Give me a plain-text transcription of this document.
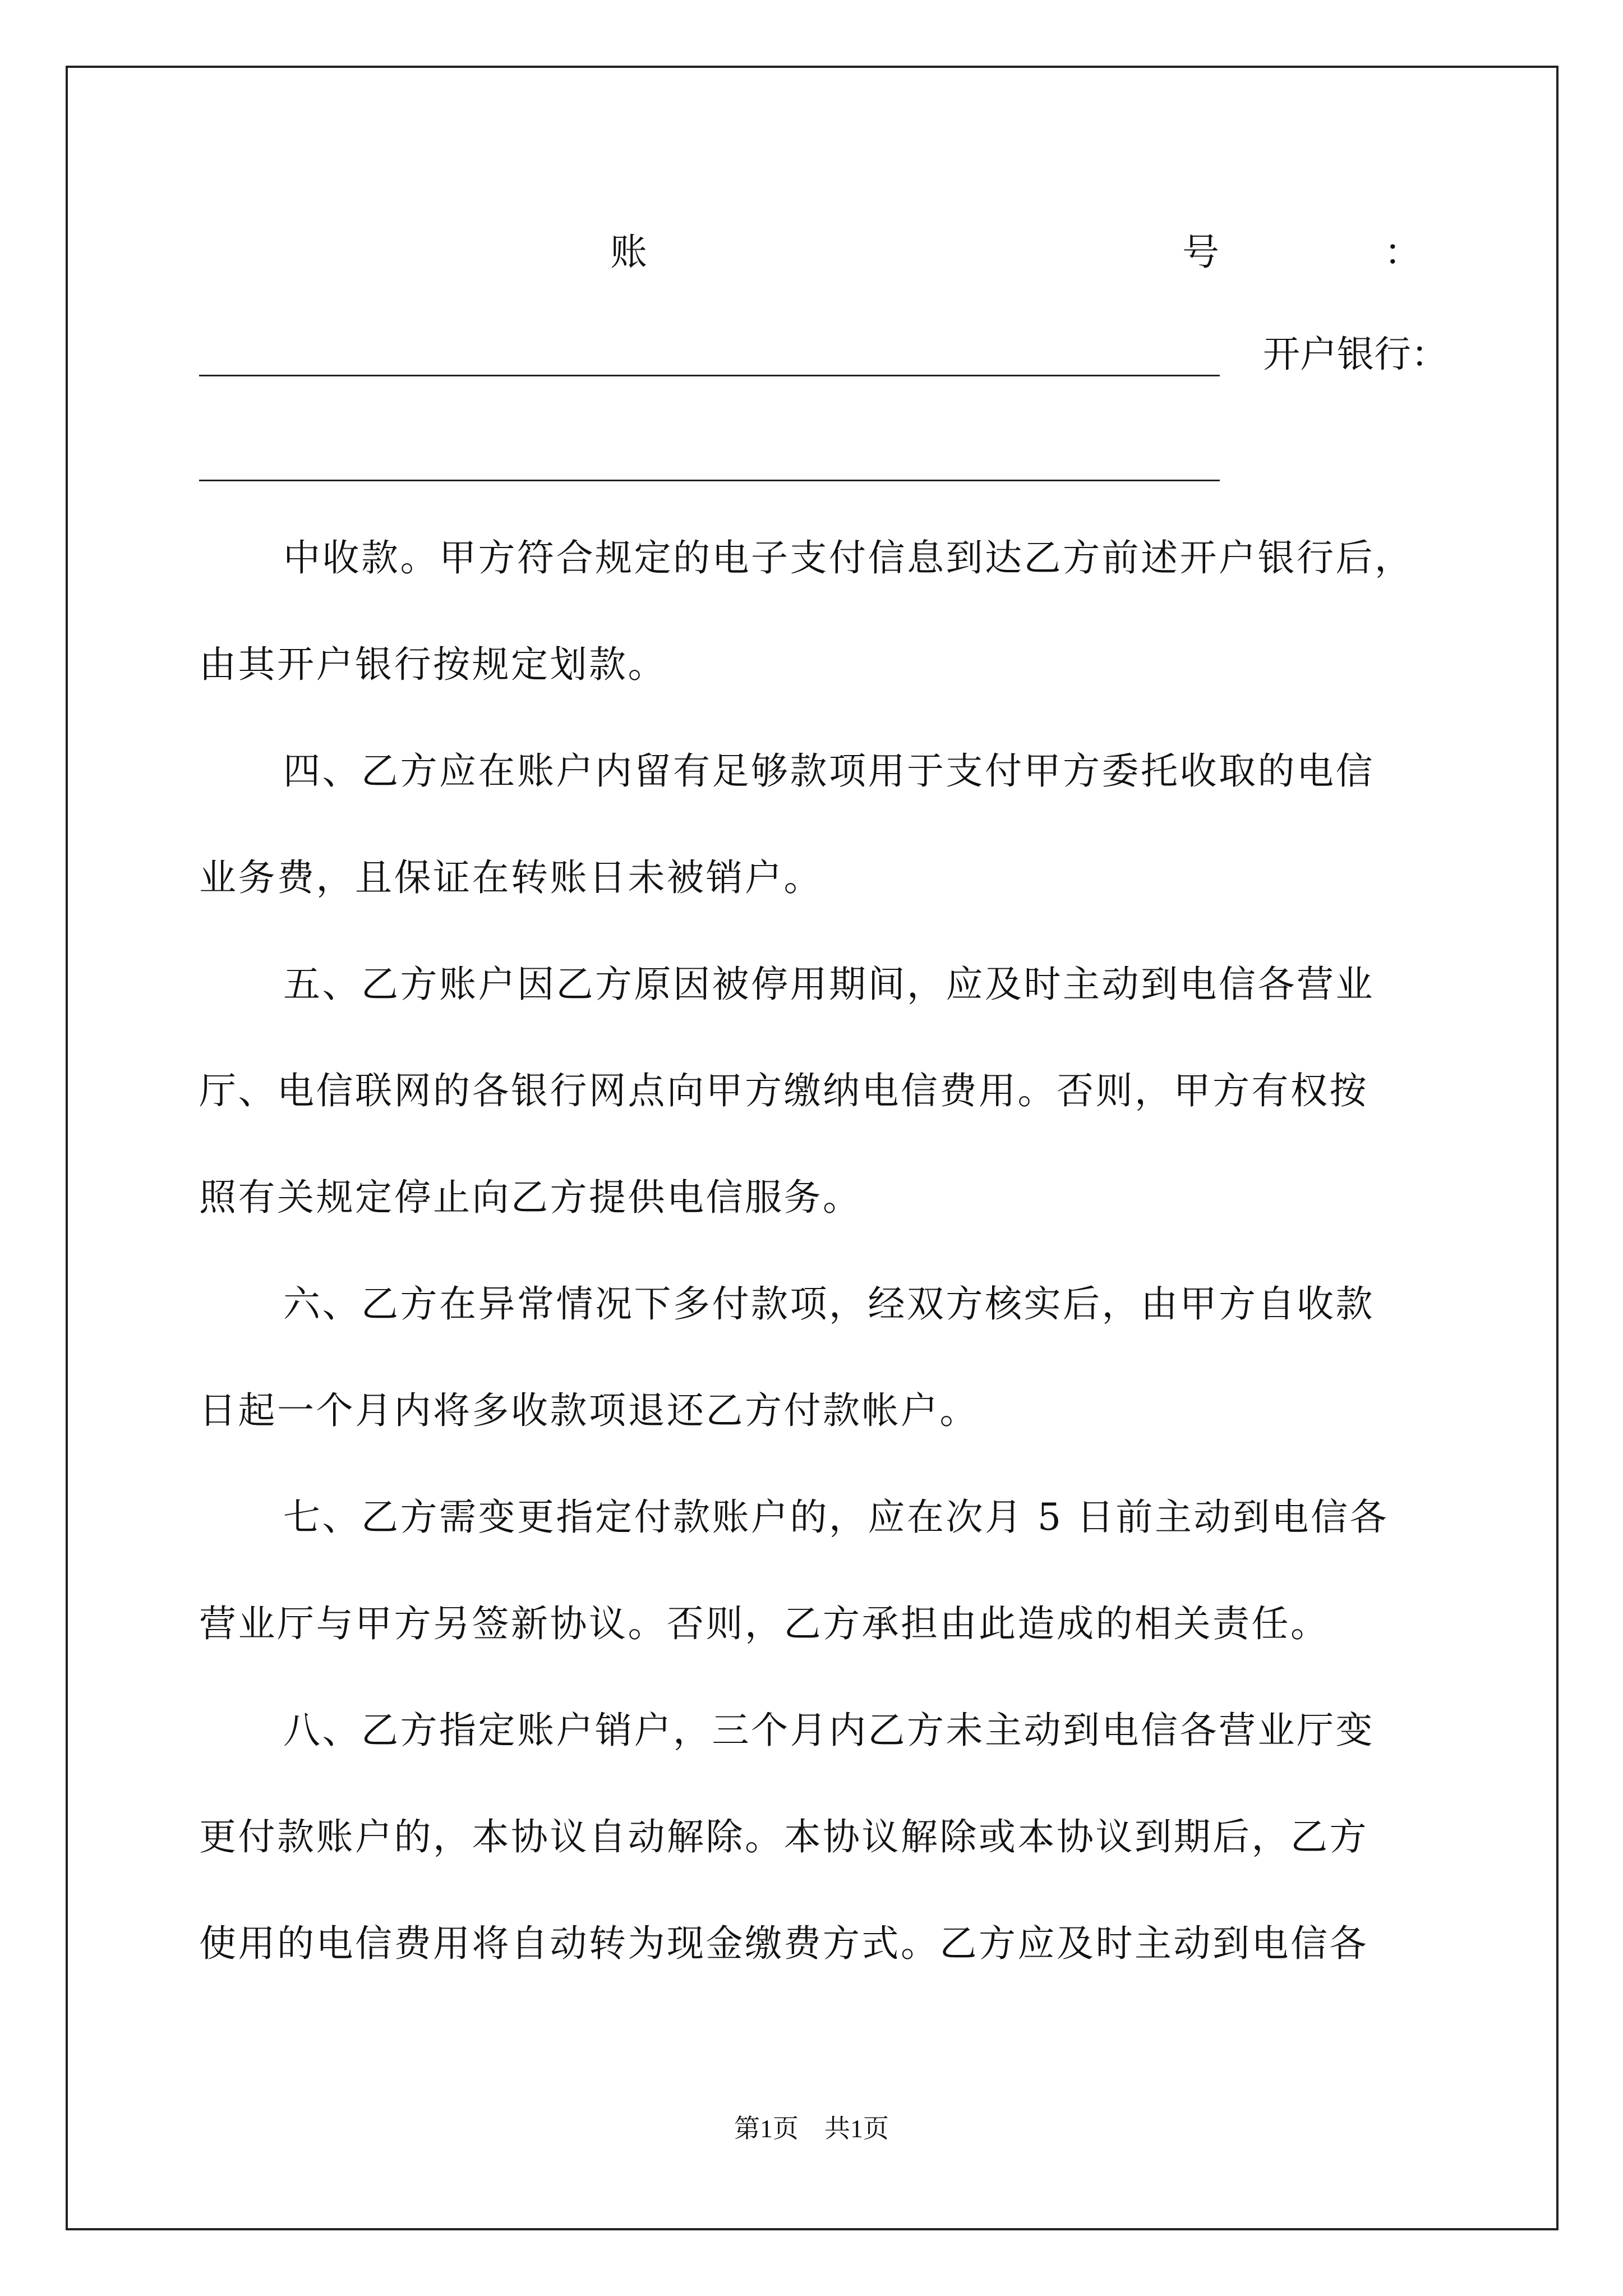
账	号	：
开户银行：
中收款。甲方符合规定的电子支付信息到达乙方前述开户银行后，
由其开户银行按规定划款。
四、乙方应在账户内留有足够款项用于支付甲方委托收取的电信
业务费，且保证在转账日未被销户。
五、乙方账户因乙方原因被停用期间，应及时主动到电信各营业
厅、电信联网的各银行网点向甲方缴纳电信费用。否则，甲方有权按
照有关规定停止向乙方提供电信服务。
六、乙方在异常情况下多付款项，经双方核实后，由甲方自收款
日起一个月内将多收款项退还乙方付款帐户。
七、乙方需变更指定付款账户的，应在次月 5 日前主动到电信各
营业厅与甲方另签新协议。否则，乙方承担由此造成的相关责任。
八、乙方指定账户销户，三个月内乙方未主动到电信各营业厅变
更付款账户的，本协议自动解除。本协议解除或本协议到期后，乙方
使用的电信费用将自动转为现金缴费方式。乙方应及时主动到电信各
第1页　共1页
